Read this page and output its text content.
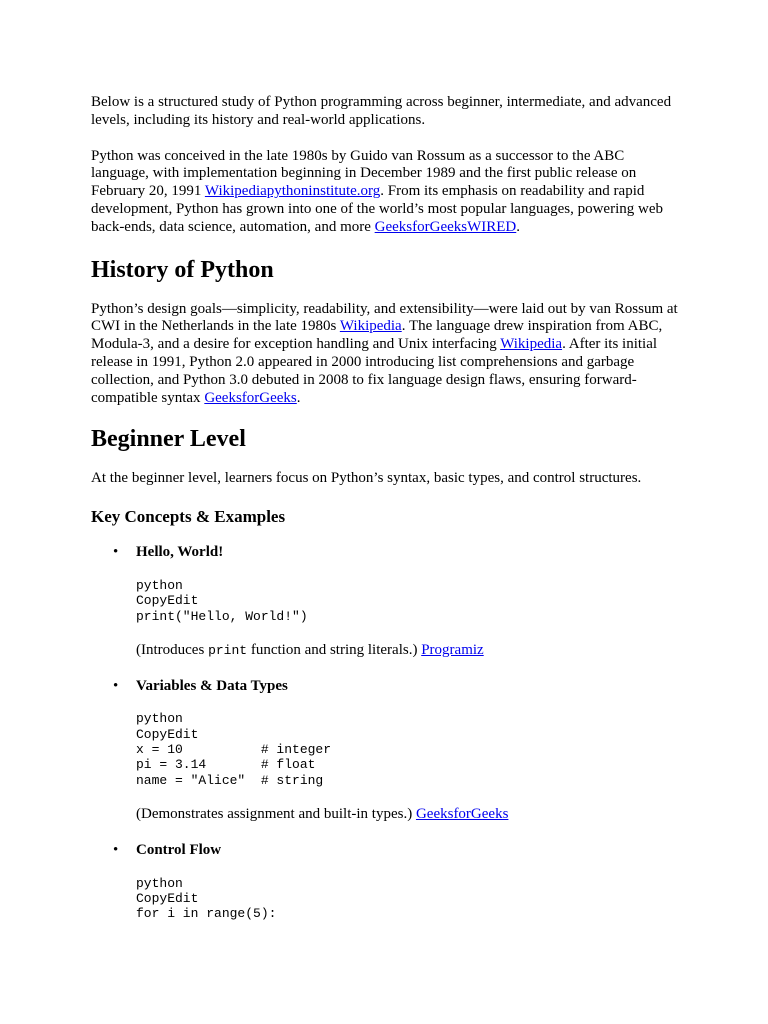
Below is a structured study of Python programming across beginner, intermediate, and advanced levels, including its history and real-world applications.

Python was conceived in the late 1980s by Guido van Rossum as a successor to the ABC language, with implementation beginning in December 1989 and the first public release on February 20, 1991 Wikipediapythoninstitute.org. From its emphasis on readability and rapid development, Python has grown into one of the world’s most popular languages, powering web back-ends, data science, automation, and more GeeksforGeeksWIRED.

History of Python

Python’s design goals—simplicity, readability, and extensibility—were laid out by van Rossum at CWI in the Netherlands in the late 1980s Wikipedia. The language drew inspiration from ABC, Modula-3, and a desire for exception handling and Unix interfacing Wikipedia. After its initial release in 1991, Python 2.0 appeared in 2000 introducing list comprehensions and garbage collection, and Python 3.0 debuted in 2008 to fix language design flaws, ensuring forward-compatible syntax GeeksforGeeks.

Beginner Level

At the beginner level, learners focus on Python’s syntax, basic types, and control structures.

Key Concepts & Examples
• Hello, World!
python
CopyEdit
print("Hello, World!")

(Introduces print function and string literals.) Programiz

• Variables & Data Types
python
CopyEdit
x = 10          # integer
pi = 3.14       # float
name = "Alice"  # string

(Demonstrates assignment and built-in types.) GeeksforGeeks

• Control Flow
python
CopyEdit
for i in range(5):
